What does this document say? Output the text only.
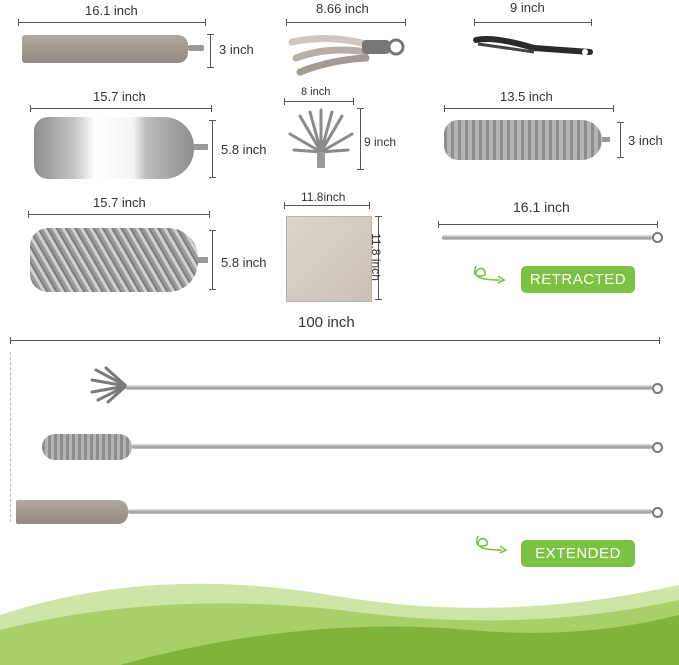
16.1 inch
3 inch
8.66 inch	9 inch
15.7 inch
5.8 inch
8 inch
9 inch
13.5 inch
3 inch
15.7 inch
5.8 inch
11.8inch
11.8 inch
16.1 inch
RETRACTED
100 inch
EXTENDED
